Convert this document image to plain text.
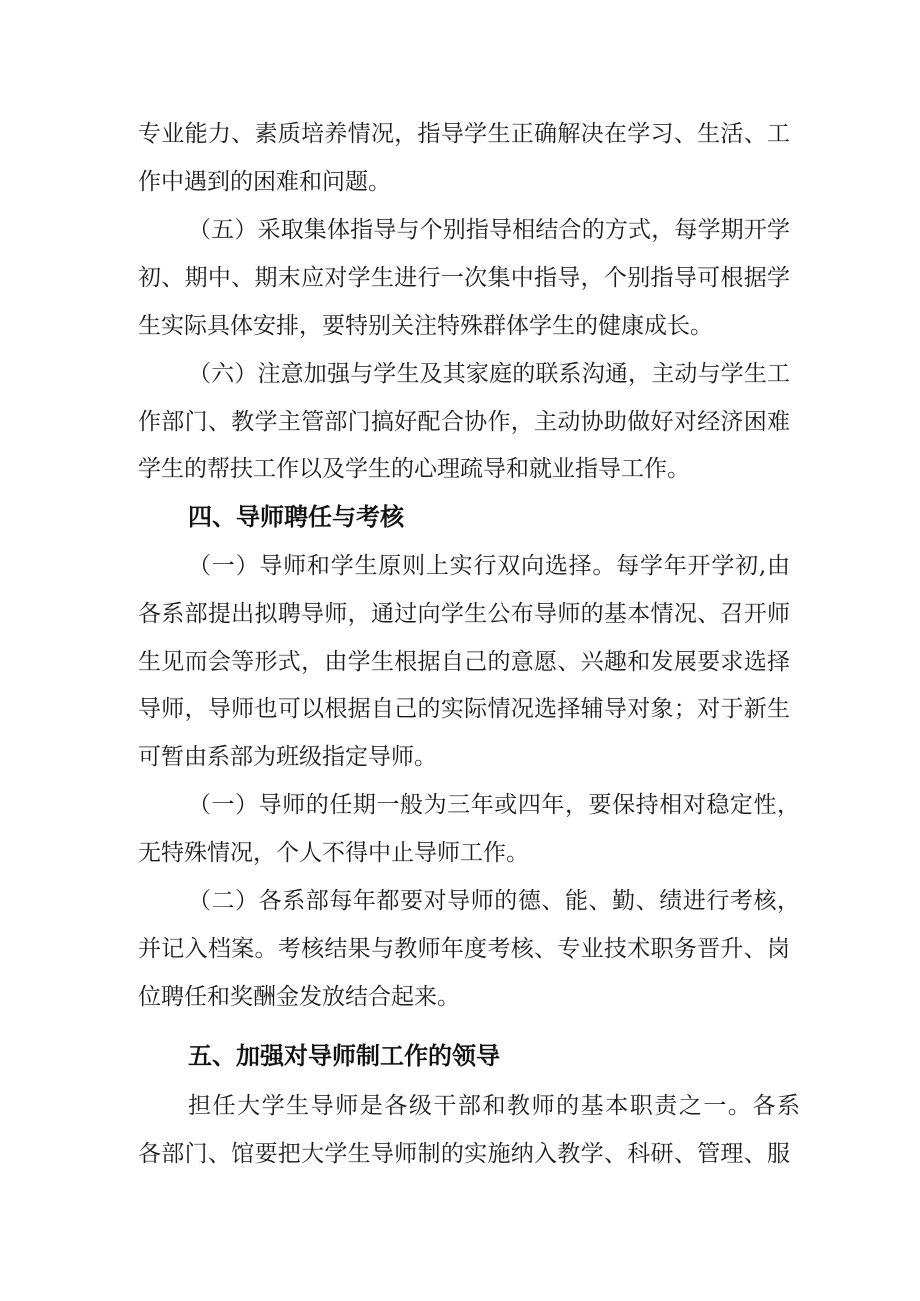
专业能力、素质培养情况，指导学生正确解决在学习、生活、工
作中遇到的困难和问题。
（五）采取集体指导与个别指导相结合的方式，每学期开学
初、期中、期末应对学生进行一次集中指导，个别指导可根据学
生实际具体安排，要特别关注特殊群体学生的健康成长。
（六）注意加强与学生及其家庭的联系沟通，主动与学生工
作部门、教学主管部门搞好配合协作，主动协助做好对经济困难
学生的帮扶工作以及学生的心理疏导和就业指导工作。
四、导师聘任与考核
（一）导师和学生原则上实行双向选择。每学年开学初,由
各系部提出拟聘导师，通过向学生公布导师的基本情况、召开师
生见而会等形式，由学生根据自己的意愿、兴趣和发展要求选择
导师，导师也可以根据自己的实际情况选择辅导对象；对于新生
可暂由系部为班级指定导师。
（一）导师的任期一般为三年或四年，要保持相对稳定性，
无特殊情况，个人不得中止导师工作。
（二）各系部每年都要对导师的德、能、勤、绩进行考核，
并记入档案。考核结果与教师年度考核、专业技术职务晋升、岗
位聘任和奖酬金发放结合起来。
五、加强对导师制工作的领导
担任大学生导师是各级干部和教师的基本职责之一。各系
各部门、馆要把大学生导师制的实施纳入教学、科研、管理、服
